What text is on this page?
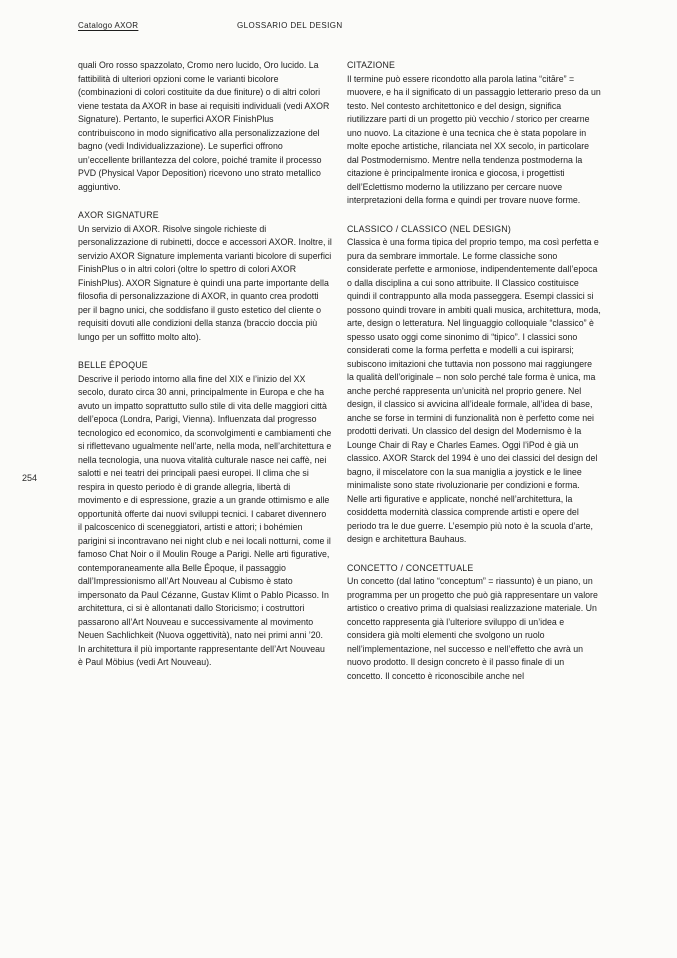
Catalogo AXOR	GLOSSARIO DEL DESIGN
254

quali Oro rosso spazzolato, Cromo nero lucido, Oro lucido. La fattibilità di ulteriori opzioni come le varianti bicolore (combinazioni di colori costituite da due finiture) o di altri colori viene testata da AXOR in base ai requisiti individuali (vedi AXOR Signature). Pertanto, le superfici AXOR FinishPlus contribuiscono in modo significativo alla personalizzazione del bagno (vedi Individualizzazione). Le superfici offrono un’eccellente brillantezza del colore, poiché tramite il processo PVD (Physical Vapor Deposition) ricevono uno strato metallico aggiuntivo.

AXOR SIGNATURE

Un servizio di AXOR. Risolve singole richieste di personalizzazione di rubinetti, docce e accessori AXOR. Inoltre, il servizio AXOR Signature implementa varianti bicolore di superfici FinishPlus o in altri colori (oltre lo spettro di colori AXOR FinishPlus). AXOR Signature è quindi una parte importante della filosofia di personalizzazione di AXOR, in quanto crea prodotti per il bagno unici, che soddisfano il gusto estetico del cliente o requisiti dovuti alle condizioni della stanza (braccio doccia più lungo per un soffitto molto alto).

BELLE ÉPOQUE

Descrive il periodo intorno alla fine del XIX e l’inizio del XX secolo, durato circa 30 anni, principalmente in Europa e che ha avuto un impatto soprattutto sullo stile di vita delle maggiori città dell’epoca (Londra, Parigi, Vienna). Influenzata dal progresso tecnologico ed economico, da sconvolgimenti e cambiamenti che si riflettevano ugualmente nell’arte, nella moda, nell’architettura e nella tecnologia, una nuova vitalità culturale nasce nei caffè, nei salotti e nei teatri dei principali paesi europei. Il clima che si respira in questo periodo è di grande allegria, libertà di movimento e di espressione, grazie a un grande ottimismo e alle opportunità offerte dai nuovi sviluppi tecnici. I cabaret divennero il palcoscenico di sceneggiatori, artisti e attori; i bohémien parigini si incontravano nei night club e nei locali notturni, come il famoso Chat Noir o il Moulin Rouge a Parigi. Nelle arti figurative, contemporaneamente alla Belle Époque, il passaggio dall’Impressionismo all’Art Nouveau al Cubismo è stato impersonato da Paul Cézanne, Gustav Klimt o Pablo Picasso. In architettura, ci si è allontanati dallo Storicismo; i costruttori passarono all’Art Nouveau e successivamente al movimento Neuen Sachlichkeit (Nuova oggettività), nato nei primi anni ’20. In architettura il più importante rappresentante dell’Art Nouveau è Paul Möbius (vedi Art Nouveau).

CITAZIONE

Il termine può essere ricondotto alla parola latina “citāre” = muovere, e ha il significato di un passaggio letterario preso da un testo. Nel contesto architettonico e del design, significa riutilizzare parti di un progetto più vecchio / storico per crearne uno nuovo. La citazione è una tecnica che è stata popolare in molte epoche artistiche, rilanciata nel XX secolo, in particolare dal Postmodernismo. Mentre nella tendenza postmoderna la citazione è principalmente ironica e giocosa, i progettisti dell’Eclettismo moderno la utilizzano per cercare nuove interpretazioni della forma e quindi per trovare nuove forme.

CLASSICO / CLASSICO (NEL DESIGN)

Classica è una forma tipica del proprio tempo, ma così perfetta e pura da sembrare immortale. Le forme classiche sono considerate perfette e armoniose, indipendentemente dall’epoca o dalla disciplina a cui sono attribuite. Il Classico costituisce quindi il contrappunto alla moda passeggera. Esempi classici si possono quindi trovare in ambiti quali musica, architettura, moda, arte, design o letteratura. Nel linguaggio colloquiale “classico” è spesso usato oggi come sinonimo di “tipico”. I classici sono considerati come la forma perfetta e modelli a cui ispirarsi; subiscono imitazioni che tuttavia non possono mai raggiungere la qualità dell’originale – non solo perché tale forma è unica, ma anche perché rappresenta un’unicità nel proprio genere. Nel design, il classico si avvicina all’ideale formale, all’idea di base, anche se forse in termini di funzionalità non è perfetto come nei prodotti derivati. Un classico del design del Modernismo è la Lounge Chair di Ray e Charles Eames. Oggi l’iPod è già un classico. AXOR Starck del 1994 è uno dei classici del design del bagno, il miscelatore con la sua maniglia a joystick e le linee minimaliste sono state rivoluzionarie per condizioni e forma. Nelle arti figurative e applicate, nonché nell’architettura, la cosiddetta modernità classica comprende artisti e opere del periodo tra le due guerre. L’esempio più noto è la scuola d’arte, design e architettura Bauhaus.

CONCETTO / CONCETTUALE

Un concetto (dal latino “conceptum” = riassunto) è un piano, un programma per un progetto che può già rappresentare un valore artistico o creativo prima di qualsiasi realizzazione materiale. Un concetto rappresenta già l’ulteriore sviluppo di un’idea e considera già molti elementi che svolgono un ruolo nell’implementazione, nel successo e nell’effetto che avrà un nuovo prodotto. Il design concreto è il passo finale di un concetto. Il concetto è riconoscibile anche nel
